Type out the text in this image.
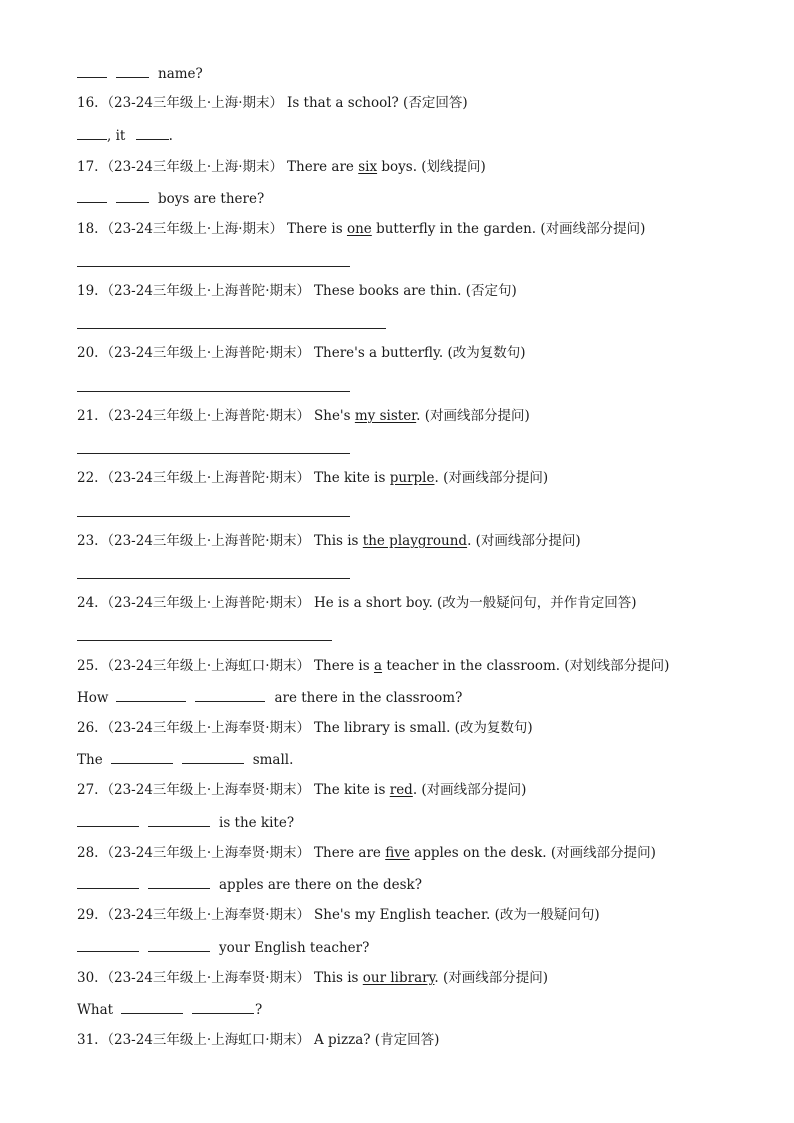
name?
16. （23-24三年级上·上海·期末） Is that a school? (否定回答)
, it	.
17. （23-24三年级上·上海·期末） There are six boys. (划线提问)
boys are there?
18. （23-24三年级上·上海·期末） There is one butterfly in the garden. (对画线部分提问)
19. （23-24三年级上·上海普陀·期末） These books are thin. (否定句)
20. （23-24三年级上·上海普陀·期末） There's a butterfly. (改为复数句)
21. （23-24三年级上·上海普陀·期末） She's my sister. (对画线部分提问)
22. （23-24三年级上·上海普陀·期末） The kite is purple. (对画线部分提问)
23. （23-24三年级上·上海普陀·期末） This is the playground. (对画线部分提问)
24. （23-24三年级上·上海普陀·期末） He is a short boy. (改为一般疑问句，并作肯定回答)
25. （23-24三年级上·上海虹口·期末） There is a teacher in the classroom. (对划线部分提问)
How	are there in the classroom?
26. （23-24三年级上·上海奉贤·期末） The library is small. (改为复数句)
The	small.
27. （23-24三年级上·上海奉贤·期末） The kite is red. (对画线部分提问)
is the kite?
28. （23-24三年级上·上海奉贤·期末） There are five apples on the desk. (对画线部分提问)
apples are there on the desk?
29. （23-24三年级上·上海奉贤·期末） She's my English teacher. (改为一般疑问句)
your English teacher?
30. （23-24三年级上·上海奉贤·期末） This is our library. (对画线部分提问)
What	?
31. （23-24三年级上·上海虹口·期末） A pizza? (肯定回答)
